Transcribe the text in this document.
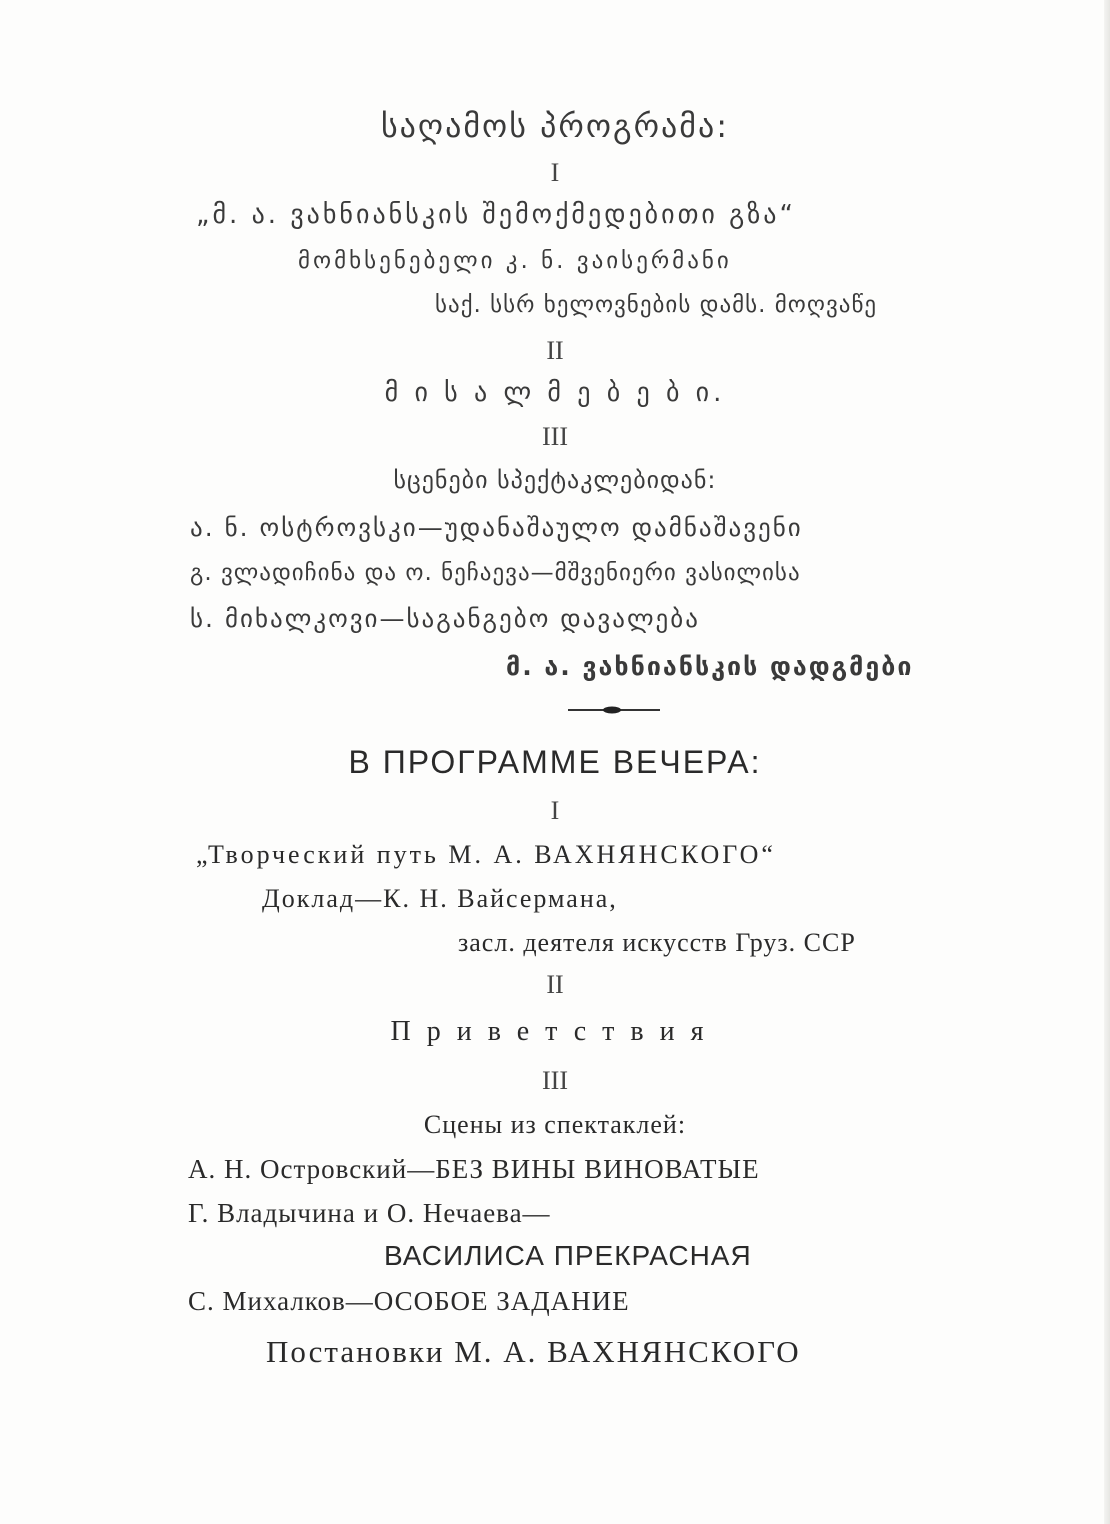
საღამოს პროგრამა:
I
„მ. ა. ვახნიანსკის შემოქმედებითი გზა“
მომხსენებელი კ. ნ. ვაისერმანი
საქ. სსრ ხელოვნების დამს. მოღვაწე
II
მ ი ს ა ლ მ ე ბ ე ბ ი.
III
სცენები სპექტაკლებიდან:
ა. ნ. ოსტროვსკი—უდანაშაულო დამნაშავენი
გ. ვლადიჩინა და ო. ნეჩაევა—მშვენიერი ვასილისა
ს. მიხალკოვი—საგანგებო დავალება
მ. ა. ვახნიანსკის დადგმები
В ПРОГРАММЕ ВЕЧЕРА:
I
„Творческий путь М. А. ВАХНЯНСКОГО“
Доклад—К. Н. Вайсермана,
засл. деятеля искусств Груз. ССР
II
Приветствия
III
Сцены из спектаклей:
А. Н. Островский—БЕЗ ВИНЫ ВИНОВАТЫЕ
Г. Владычина и О. Нечаева—
ВАСИЛИСА ПРЕКРАСНАЯ
С. Михалков—ОСОБОЕ ЗАДАНИЕ
Постановки М. А. ВАХНЯНСКОГО
